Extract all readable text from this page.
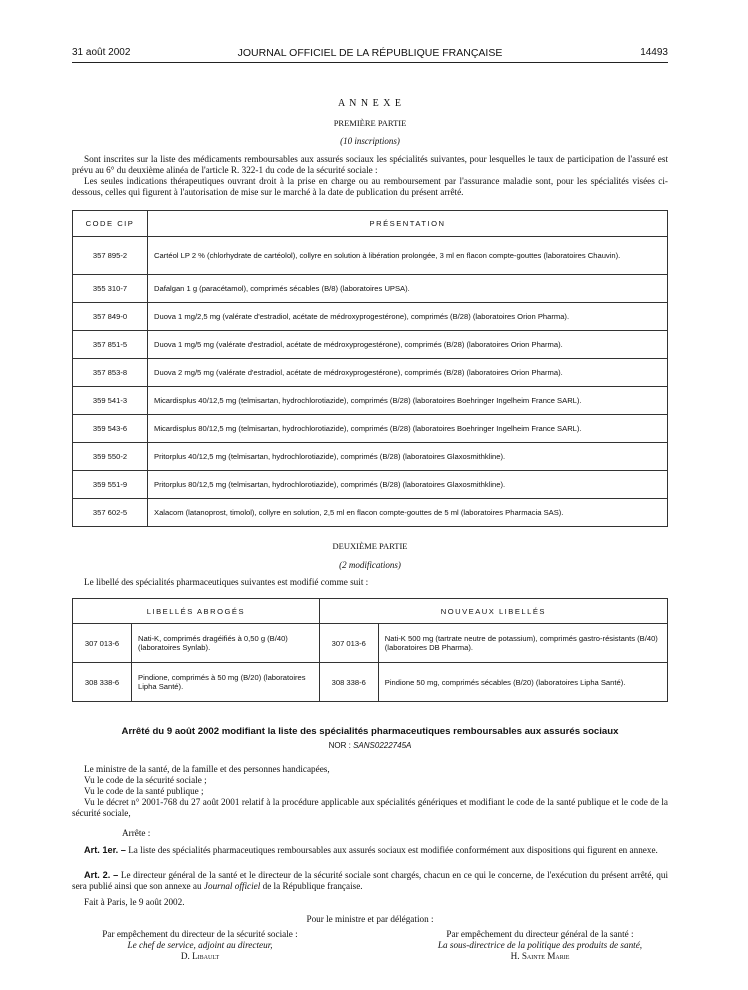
31 août 2002	JOURNAL OFFICIEL DE LA RÉPUBLIQUE FRANÇAISE	14493
A N N E X E
PREMIÈRE PARTIE
(10 inscriptions)
Sont inscrites sur la liste des médicaments remboursables aux assurés sociaux les spécialités suivantes, pour lesquelles le taux de participation de l'assuré est prévu au 6° du deuxième alinéa de l'article R. 322-1 du code de la sécurité sociale :
Les seules indications thérapeutiques ouvrant droit à la prise en charge ou au remboursement par l'assurance maladie sont, pour les spécialités visées ci-dessous, celles qui figurent à l'autorisation de mise sur le marché à la date de publication du présent arrêté.
CODE CIP	PRÉSENTATION
357 895-2	Cartéol LP 2 % (chlorhydrate de cartéolol), collyre en solution à libération prolongée, 3 ml en flacon compte-gouttes (laboratoires Chauvin).
355 310-7	Dafalgan 1 g (paracétamol), comprimés sécables (B/8) (laboratoires UPSA).
357 849-0	Duova 1 mg/2,5 mg (valérate d'estradiol, acétate de médroxyprogestérone), comprimés (B/28) (laboratoires Orion Pharma).
357 851-5	Duova 1 mg/5 mg (valérate d'estradiol, acétate de médroxyprogestérone), comprimés (B/28) (laboratoires Orion Pharma).
357 853-8	Duova 2 mg/5 mg (valérate d'estradiol, acétate de médroxyprogestérone), comprimés (B/28) (laboratoires Orion Pharma).
359 541-3	Micardisplus 40/12,5 mg (telmisartan, hydrochlorotiazide), comprimés (B/28) (laboratoires Boehringer Ingelheim France SARL).
359 543-6	Micardisplus 80/12,5 mg (telmisartan, hydrochlorotiazide), comprimés (B/28) (laboratoires Boehringer Ingelheim France SARL).
359 550-2	Pritorplus 40/12,5 mg (telmisartan, hydrochlorotiazide), comprimés (B/28) (laboratoires Glaxosmithkline).
359 551-9	Pritorplus 80/12,5 mg (telmisartan, hydrochlorotiazide), comprimés (B/28) (laboratoires Glaxosmithkline).
357 602-5	Xalacom (latanoprost, timolol), collyre en solution, 2,5 ml en flacon compte-gouttes de 5 ml (laboratoires Pharmacia SAS).
DEUXIÈME PARTIE
(2 modifications)
Le libellé des spécialités pharmaceutiques suivantes est modifié comme suit :
LIBELLÉS ABROGÉS		NOUVEAUX LIBELLÉS	
307 013-6	Nati-K, comprimés dragéifiés à 0,50 g (B/40) (laboratoires Synlab).	307 013-6	Nati-K 500 mg (tartrate neutre de potassium), comprimés gastro-résistants (B/40) (laboratoires DB Pharma).
308 338-6	Pindione, comprimés à 50 mg (B/20) (laboratoires Lipha Santé).	308 338-6	Pindione 50 mg, comprimés sécables (B/20) (laboratoires Lipha Santé).
Arrêté du 9 août 2002 modifiant la liste des spécialités pharmaceutiques remboursables aux assurés sociaux
NOR : SANS0222745A
Le ministre de la santé, de la famille et des personnes handicapées,
Vu le code de la sécurité sociale ;
Vu le code de la santé publique ;
Vu le décret n° 2001-768 du 27 août 2001 relatif à la procédure applicable aux spécialités génériques et modifiant le code de la santé publique et le code de la sécurité sociale,
Arrête :
Art. 1er. – La liste des spécialités pharmaceutiques remboursables aux assurés sociaux est modifiée conformément aux dispositions qui figurent en annexe.
Art. 2. – Le directeur général de la santé et le directeur de la sécurité sociale sont chargés, chacun en ce qui le concerne, de l'exécution du présent arrêté, qui sera publié ainsi que son annexe au Journal officiel de la République française.
Fait à Paris, le 9 août 2002.
Pour le ministre et par délégation :
Par empêchement du directeur de la sécurité sociale :
Le chef de service, adjoint au directeur,
D. Libault
Par empêchement du directeur général de la santé :
La sous-directrice de la politique des produits de santé,
H. Sainte Marie
